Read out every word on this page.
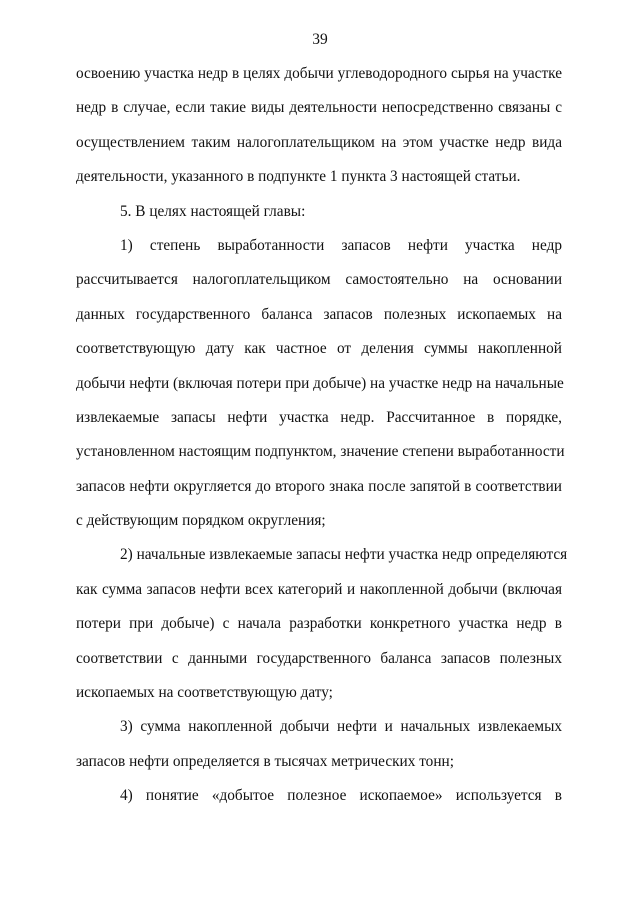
39
освоению участка недр в целях добычи углеводородного сырья на участке
недр в случае, если такие виды деятельности непосредственно связаны с
осуществлением таким налогоплательщиком на этом участке недр вида
деятельности, указанного в подпункте 1 пункта 3 настоящей статьи.
5. В целях настоящей главы:
1) степень выработанности запасов нефти участка недр
рассчитывается налогоплательщиком самостоятельно на основании
данных государственного баланса запасов полезных ископаемых на
соответствующую дату как частное от деления суммы накопленной
добычи нефти (включая потери при добыче) на участке недр на начальные
извлекаемые запасы нефти участка недр. Рассчитанное в порядке,
установленном настоящим подпунктом, значение степени выработанности
запасов нефти округляется до второго знака после запятой в соответствии
с действующим порядком округления;
2) начальные извлекаемые запасы нефти участка недр определяются
как сумма запасов нефти всех категорий и накопленной добычи (включая
потери при добыче) с начала разработки конкретного участка недр в
соответствии с данными государственного баланса запасов полезных
ископаемых на соответствующую дату;
3) сумма накопленной добычи нефти и начальных извлекаемых
запасов нефти определяется в тысячах метрических тонн;
4) понятие «добытое полезное ископаемое» используется в
